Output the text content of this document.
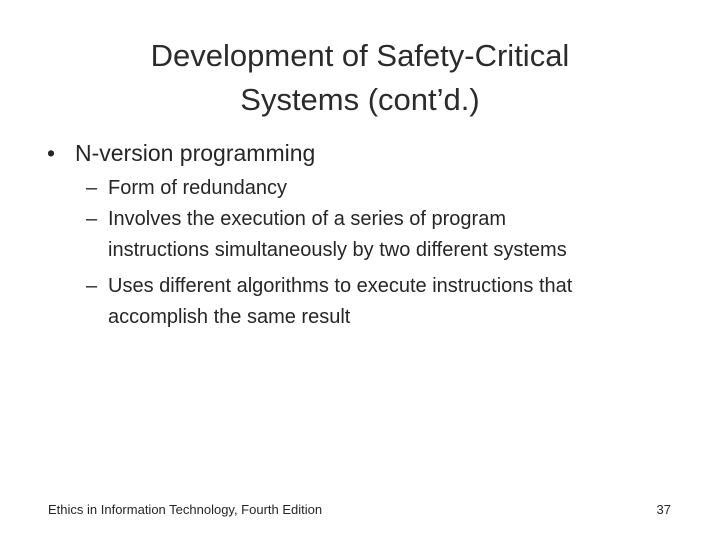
Development of Safety-Critical
Systems (cont’d.)
• N-version programming
– Form of redundancy
– Involves the execution of a series of program
instructions simultaneously by two different systems
– Uses different algorithms to execute instructions that
accomplish the same result
Ethics in Information Technology, Fourth Edition	37
